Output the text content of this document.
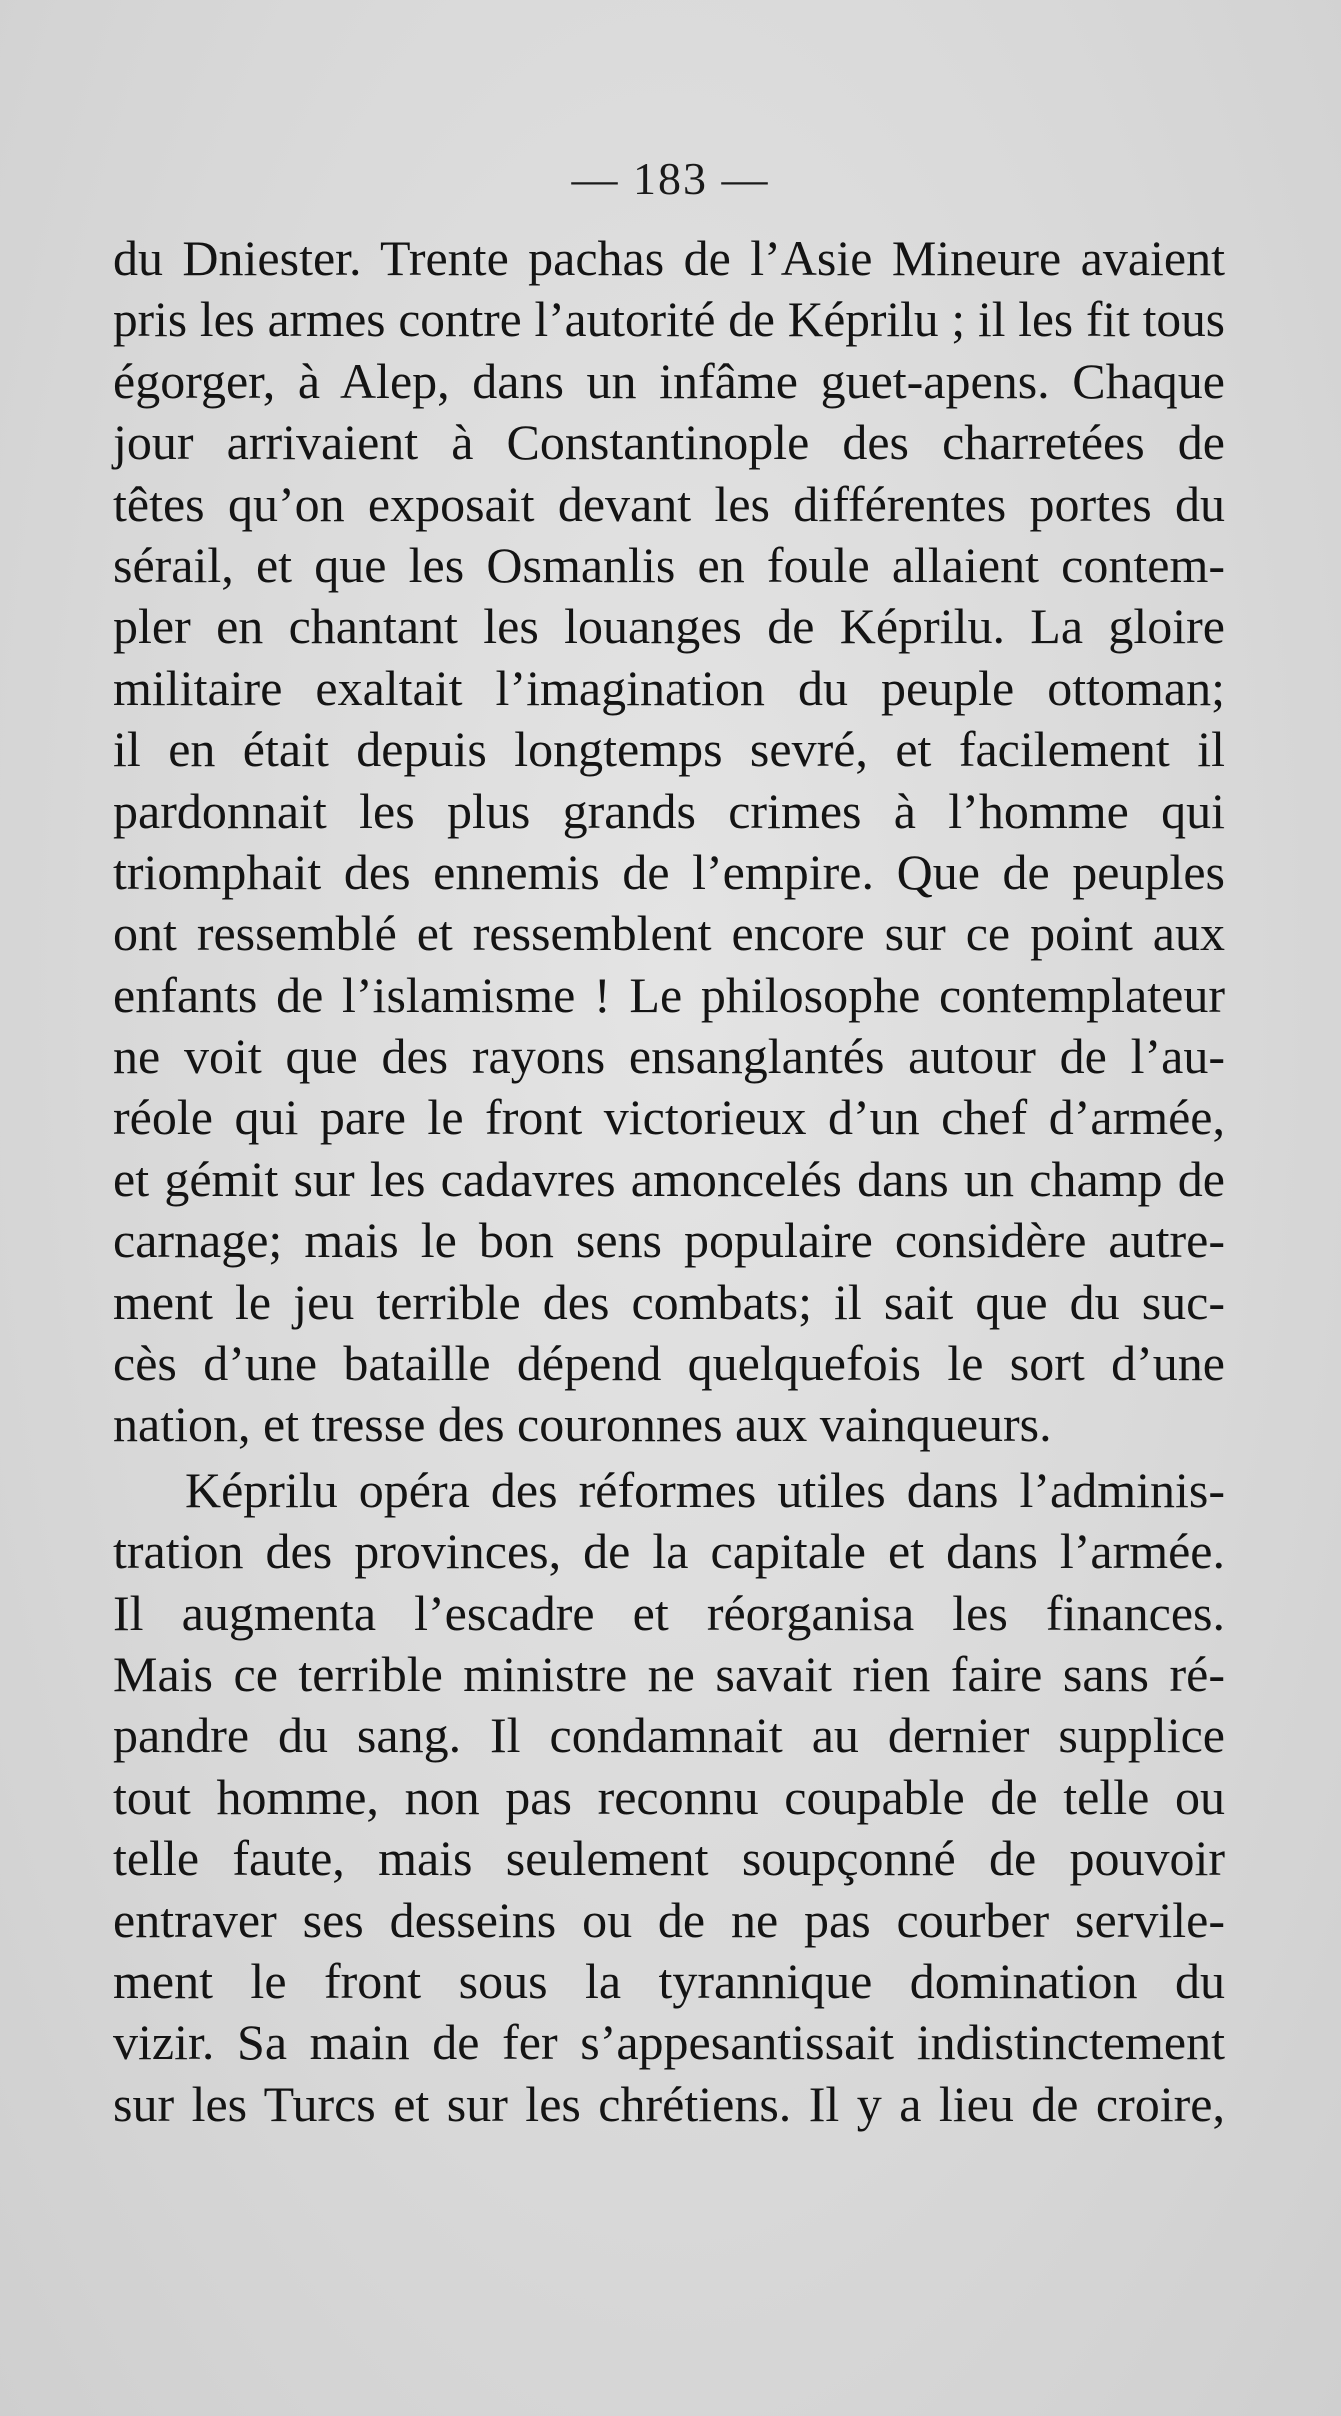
— 183 —
du Dniester. Trente pachas de l’Asie Mineure avaient
pris les armes contre l’autorité de Képrilu ; il les fit tous
égorger, à Alep, dans un infâme guet-apens. Chaque
jour arrivaient à Constantinople des charretées de
têtes qu’on exposait devant les différentes portes du
sérail, et que les Osmanlis en foule allaient contem-
pler en chantant les louanges de Képrilu. La gloire
militaire exaltait l’imagination du peuple ottoman;
il en était depuis longtemps sevré, et facilement il
pardonnait les plus grands crimes à l’homme qui
triomphait des ennemis de l’empire. Que de peuples
ont ressemblé et ressemblent encore sur ce point aux
enfants de l’islamisme ! Le philosophe contemplateur
ne voit que des rayons ensanglantés autour de l’au-
réole qui pare le front victorieux d’un chef d’armée,
et gémit sur les cadavres amoncelés dans un champ de
carnage; mais le bon sens populaire considère autre-
ment le jeu terrible des combats; il sait que du suc-
cès d’une bataille dépend quelquefois le sort d’une
nation, et tresse des couronnes aux vainqueurs.
Képrilu opéra des réformes utiles dans l’adminis-
tration des provinces, de la capitale et dans l’armée.
Il augmenta l’escadre et réorganisa les finances.
Mais ce terrible ministre ne savait rien faire sans ré-
pandre du sang. Il condamnait au dernier supplice
tout homme, non pas reconnu coupable de telle ou
telle faute, mais seulement soupçonné de pouvoir
entraver ses desseins ou de ne pas courber servile-
ment le front sous la tyrannique domination du
vizir. Sa main de fer s’appesantissait indistinctement
sur les Turcs et sur les chrétiens. Il y a lieu de croire,
